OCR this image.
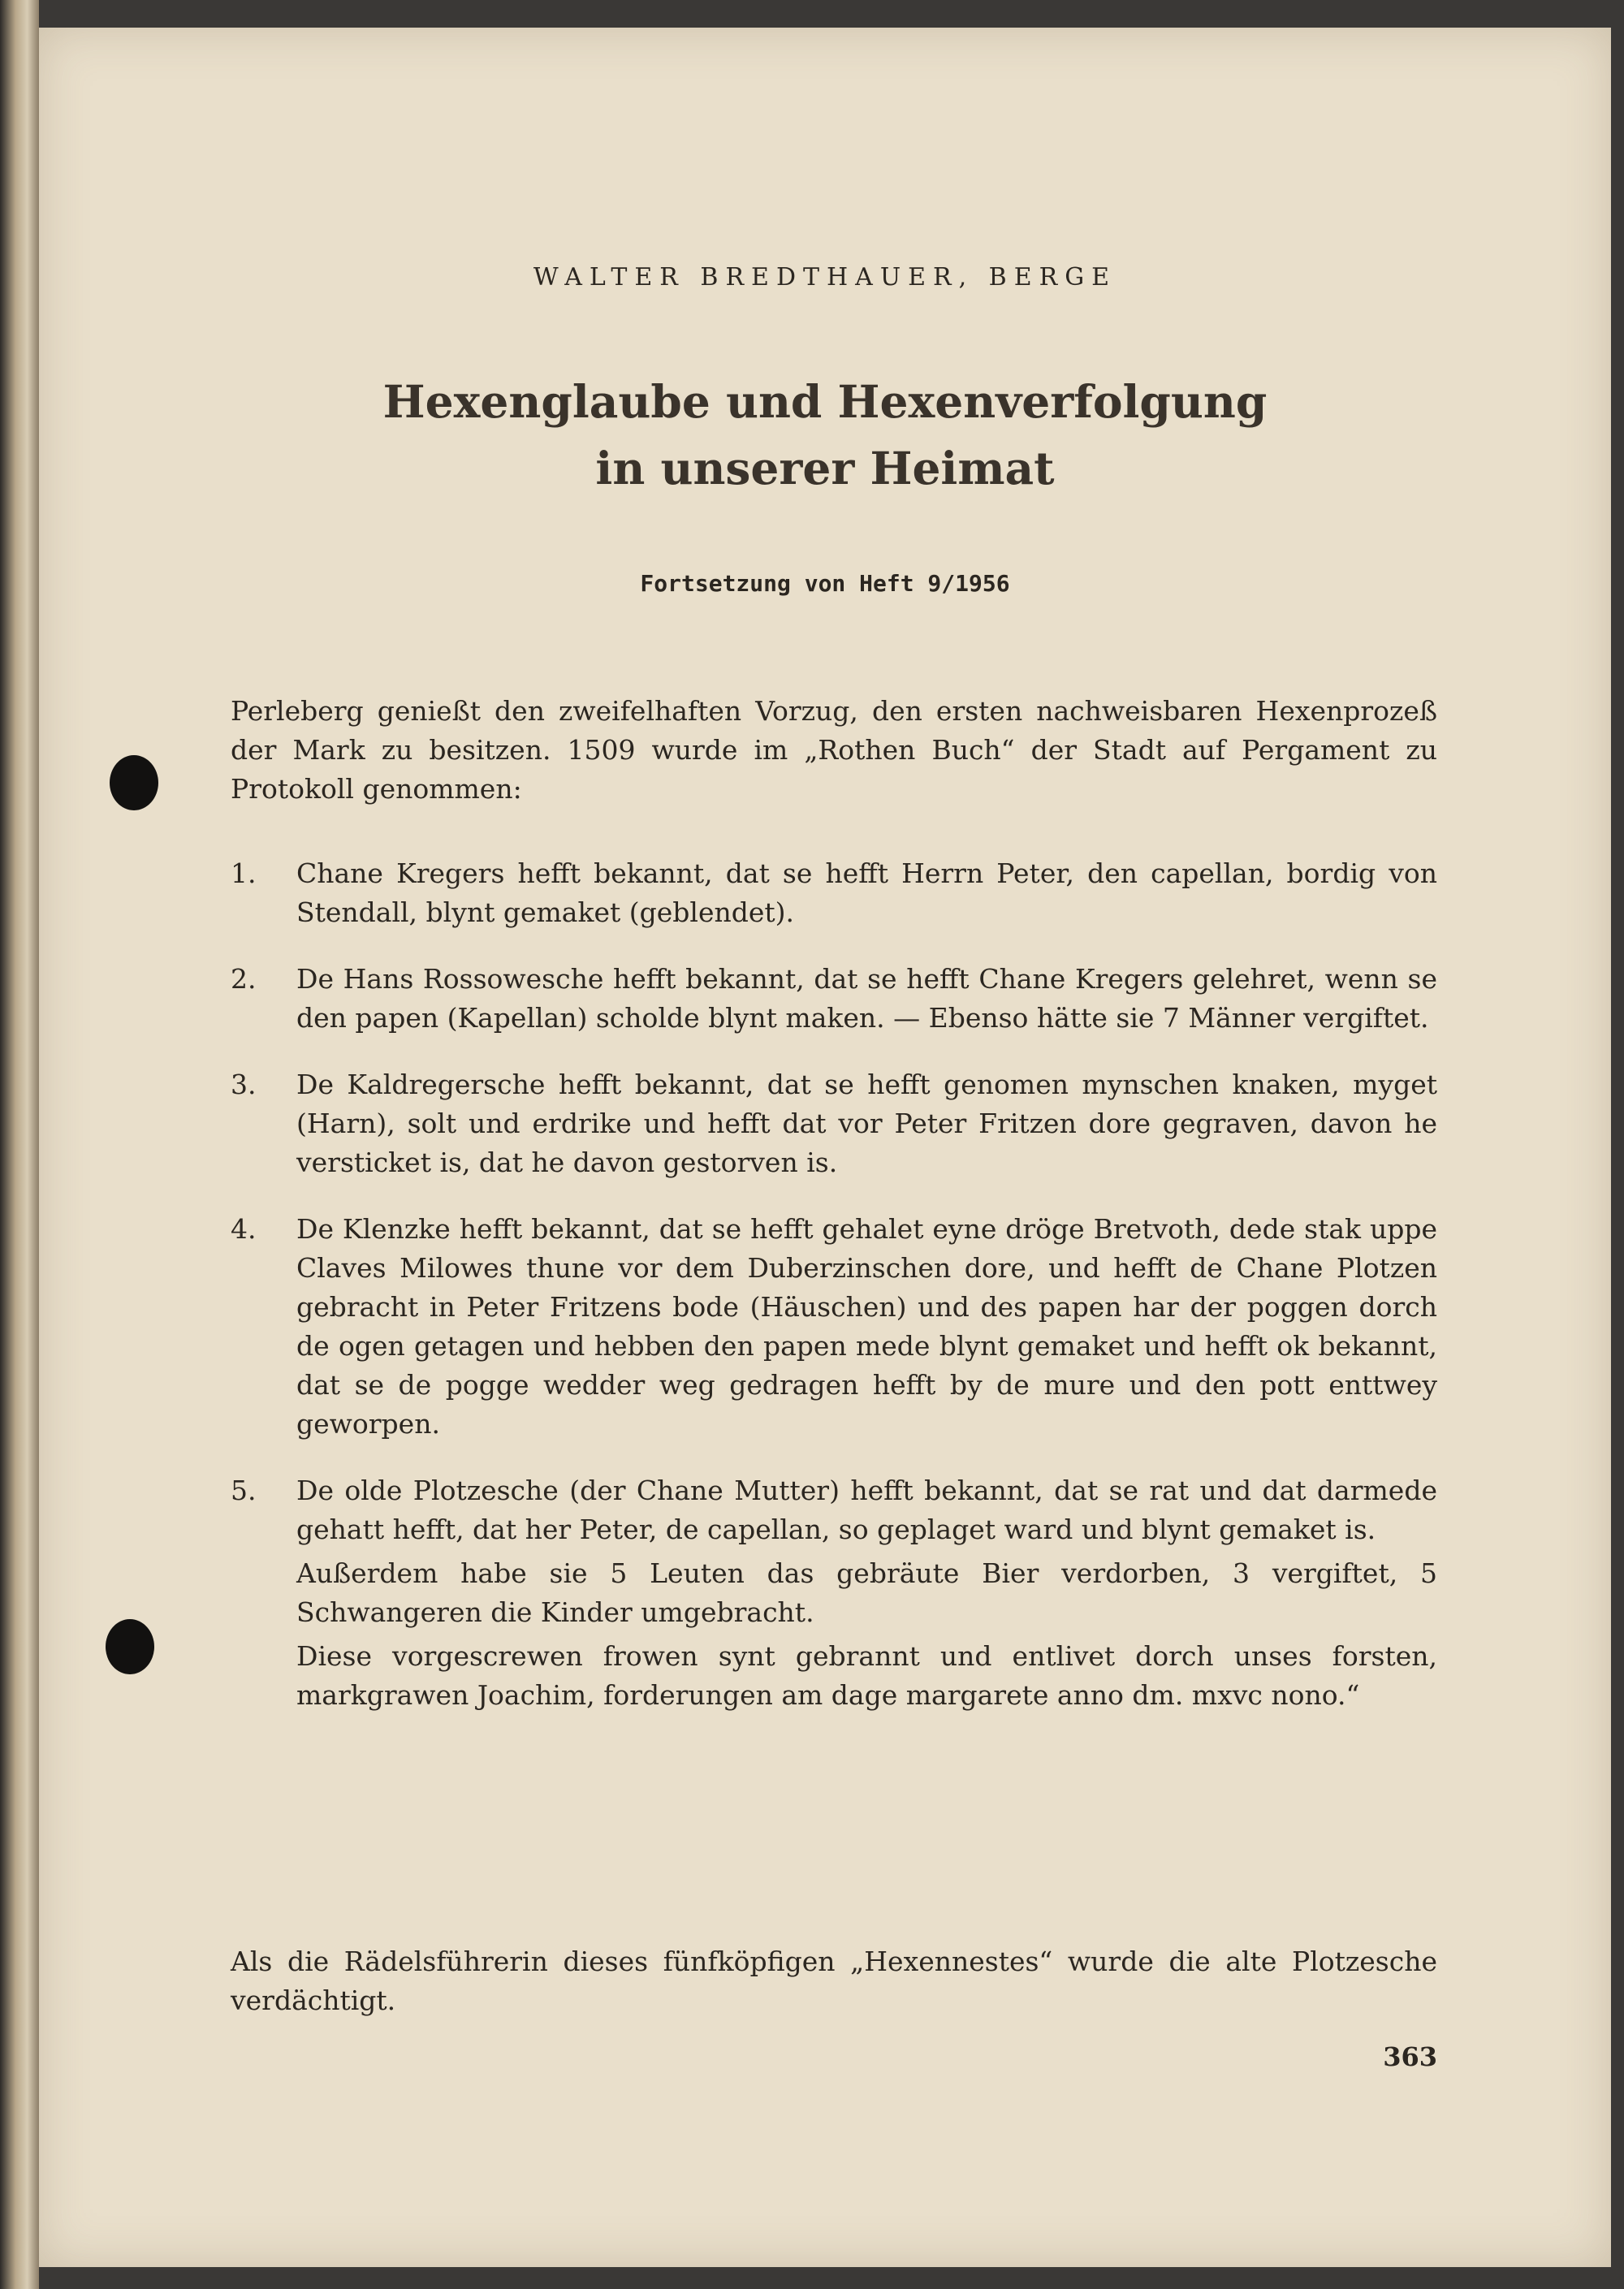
WALTER BREDTHAUER, BERGE
Hexenglaube und Hexenverfolgung
in unserer Heimat
Fortsetzung von Heft 9/1956
Perleberg genießt den zweifelhaften Vorzug, den ersten nachweisbaren Hexenprozeß der Mark zu besitzen. 1509 wurde im „Rothen Buch“ der Stadt auf Pergament zu Protokoll genommen:
1. Chane Kregers hefft bekannt, dat se hefft Herrn Peter, den capellan, bordig von Stendall, blynt gemaket (geblendet).

2. De Hans Rossowesche hefft bekannt, dat se hefft Chane Kregers gelehret, wenn se den papen (Kapellan) scholde blynt maken. — Ebenso hätte sie 7 Männer vergiftet.

3. De Kaldregersche hefft bekannt, dat se hefft genomen mynschen knaken, myget (Harn), solt und erdrike und hefft dat vor Peter Fritzen dore gegraven, davon he versticket is, dat he davon gestorven is.

4. De Klenzke hefft bekannt, dat se hefft gehalet eyne dröge Bretvoth, dede stak uppe Claves Milowes thune vor dem Duberzinschen dore, und hefft de Chane Plotzen gebracht in Peter Fritzens bode (Häuschen) und des papen har der poggen dorch de ogen getagen und hebben den papen mede blynt gemaket und hefft ok bekannt, dat se de pogge wedder weg gedragen hefft by de mure und den pott enttwey geworpen.

5. De olde Plotzesche (der Chane Mutter) hefft bekannt, dat se rat und dat darmede gehatt hefft, dat her Peter, de capellan, so geplaget ward und blynt gemaket is.

Außerdem habe sie 5 Leuten das gebräute Bier verdorben, 3 vergiftet, 5 Schwangeren die Kinder umgebracht.

Diese vorgescrewen frowen synt gebrannt und entlivet dorch unses forsten, markgrawen Joachim, forderungen am dage margarete anno dm. mxvc nono.“

Als die Rädelsführerin dieses fünfköpfigen „Hexennestes“ wurde die alte Plotzesche verdächtigt.
363
